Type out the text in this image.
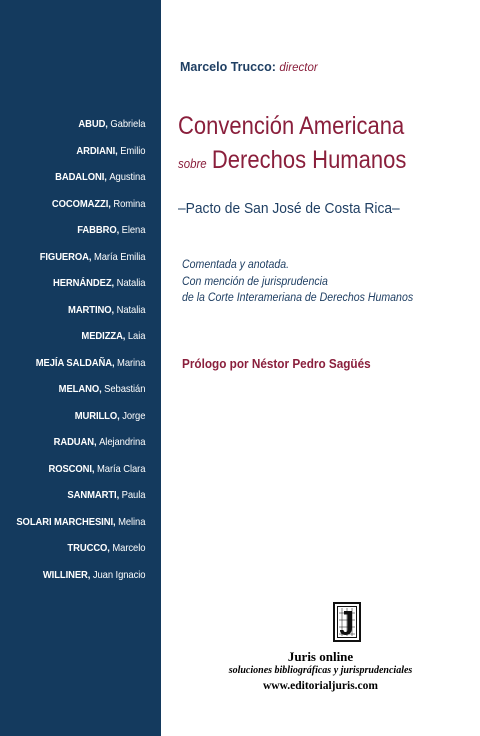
ABUD, Gabriela
ARDIANI, Emilio
BADALONI, Agustina
COCOMAZZI, Romina
FABBRO, Elena
FIGUEROA, María Emilia
HERNÁNDEZ, Natalia
MARTINO, Natalia
MEDIZZA, Laia
MEJÍA SALDAÑA, Marina
MELANO, Sebastián
MURILLO, Jorge
RADUAN, Alejandrina
ROSCONI, María Clara
SANMARTI, Paula
SOLARI MARCHESINI, Melina
TRUCCO, Marcelo
WILLINER, Juan Ignacio
Marcelo Trucco: director
Convención Americana
sobre Derechos Humanos
–Pacto de San José de Costa Rica–
Comentada y anotada.
Con mención de jurisprudencia
de la Corte Interameriana de Derechos Humanos
Prólogo por Néstor Pedro Sagüés
Juris online
soluciones bibliográficas y jurisprudenciales
www.editorialjuris.com
